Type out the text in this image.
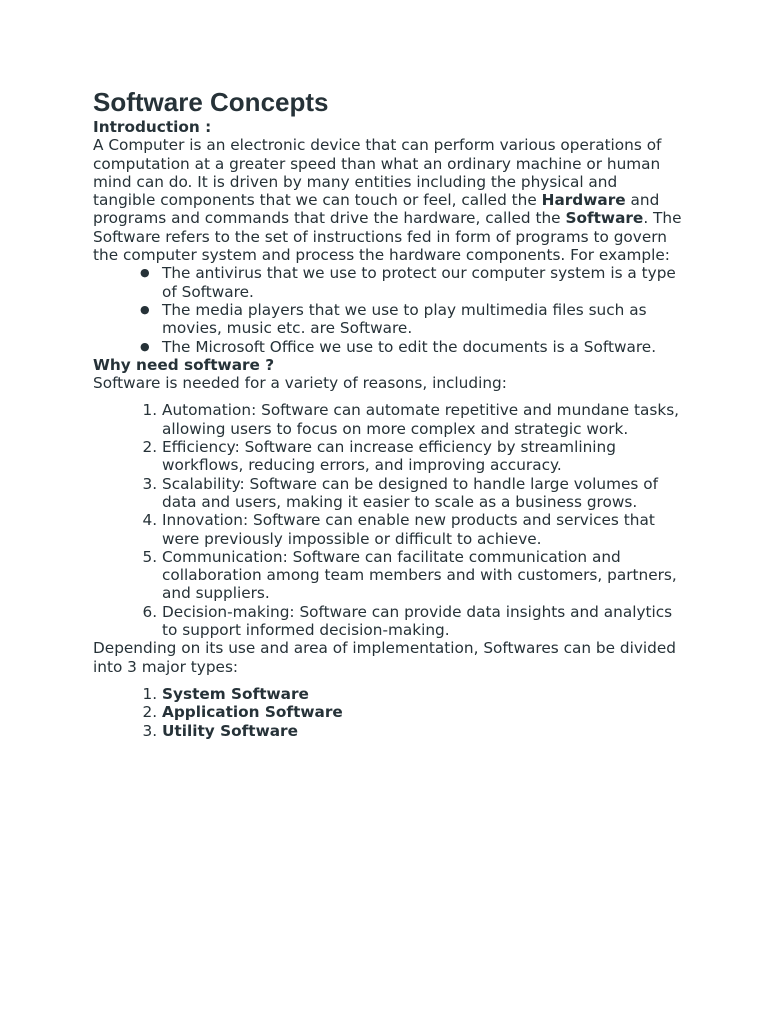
Software Concepts

Introduction :

A Computer is an electronic device that can perform various operations of computation at a greater speed than what an ordinary machine or human mind can do. It is driven by many entities including the physical and tangible components that we can touch or feel, called the Hardware and programs and commands that drive the hardware, called the Software. The Software refers to the set of instructions fed in form of programs to govern the computer system and process the hardware components. For example:

● The antivirus that we use to protect our computer system is a type of Software.
● The media players that we use to play multimedia files such as movies, music etc. are Software.
● The Microsoft Office we use to edit the documents is a Software.

Why need software ?

Software is needed for a variety of reasons, including:

1. Automation: Software can automate repetitive and mundane tasks, allowing users to focus on more complex and strategic work.
2. Efficiency: Software can increase efficiency by streamlining workflows, reducing errors, and improving accuracy.
3. Scalability: Software can be designed to handle large volumes of data and users, making it easier to scale as a business grows.
4. Innovation: Software can enable new products and services that were previously impossible or difficult to achieve.
5. Communication: Software can facilitate communication and collaboration among team members and with customers, partners, and suppliers.
6. Decision-making: Software can provide data insights and analytics to support informed decision-making.

Depending on its use and area of implementation, Softwares can be divided into 3 major types:

1. System Software
2. Application Software
3. Utility Software
